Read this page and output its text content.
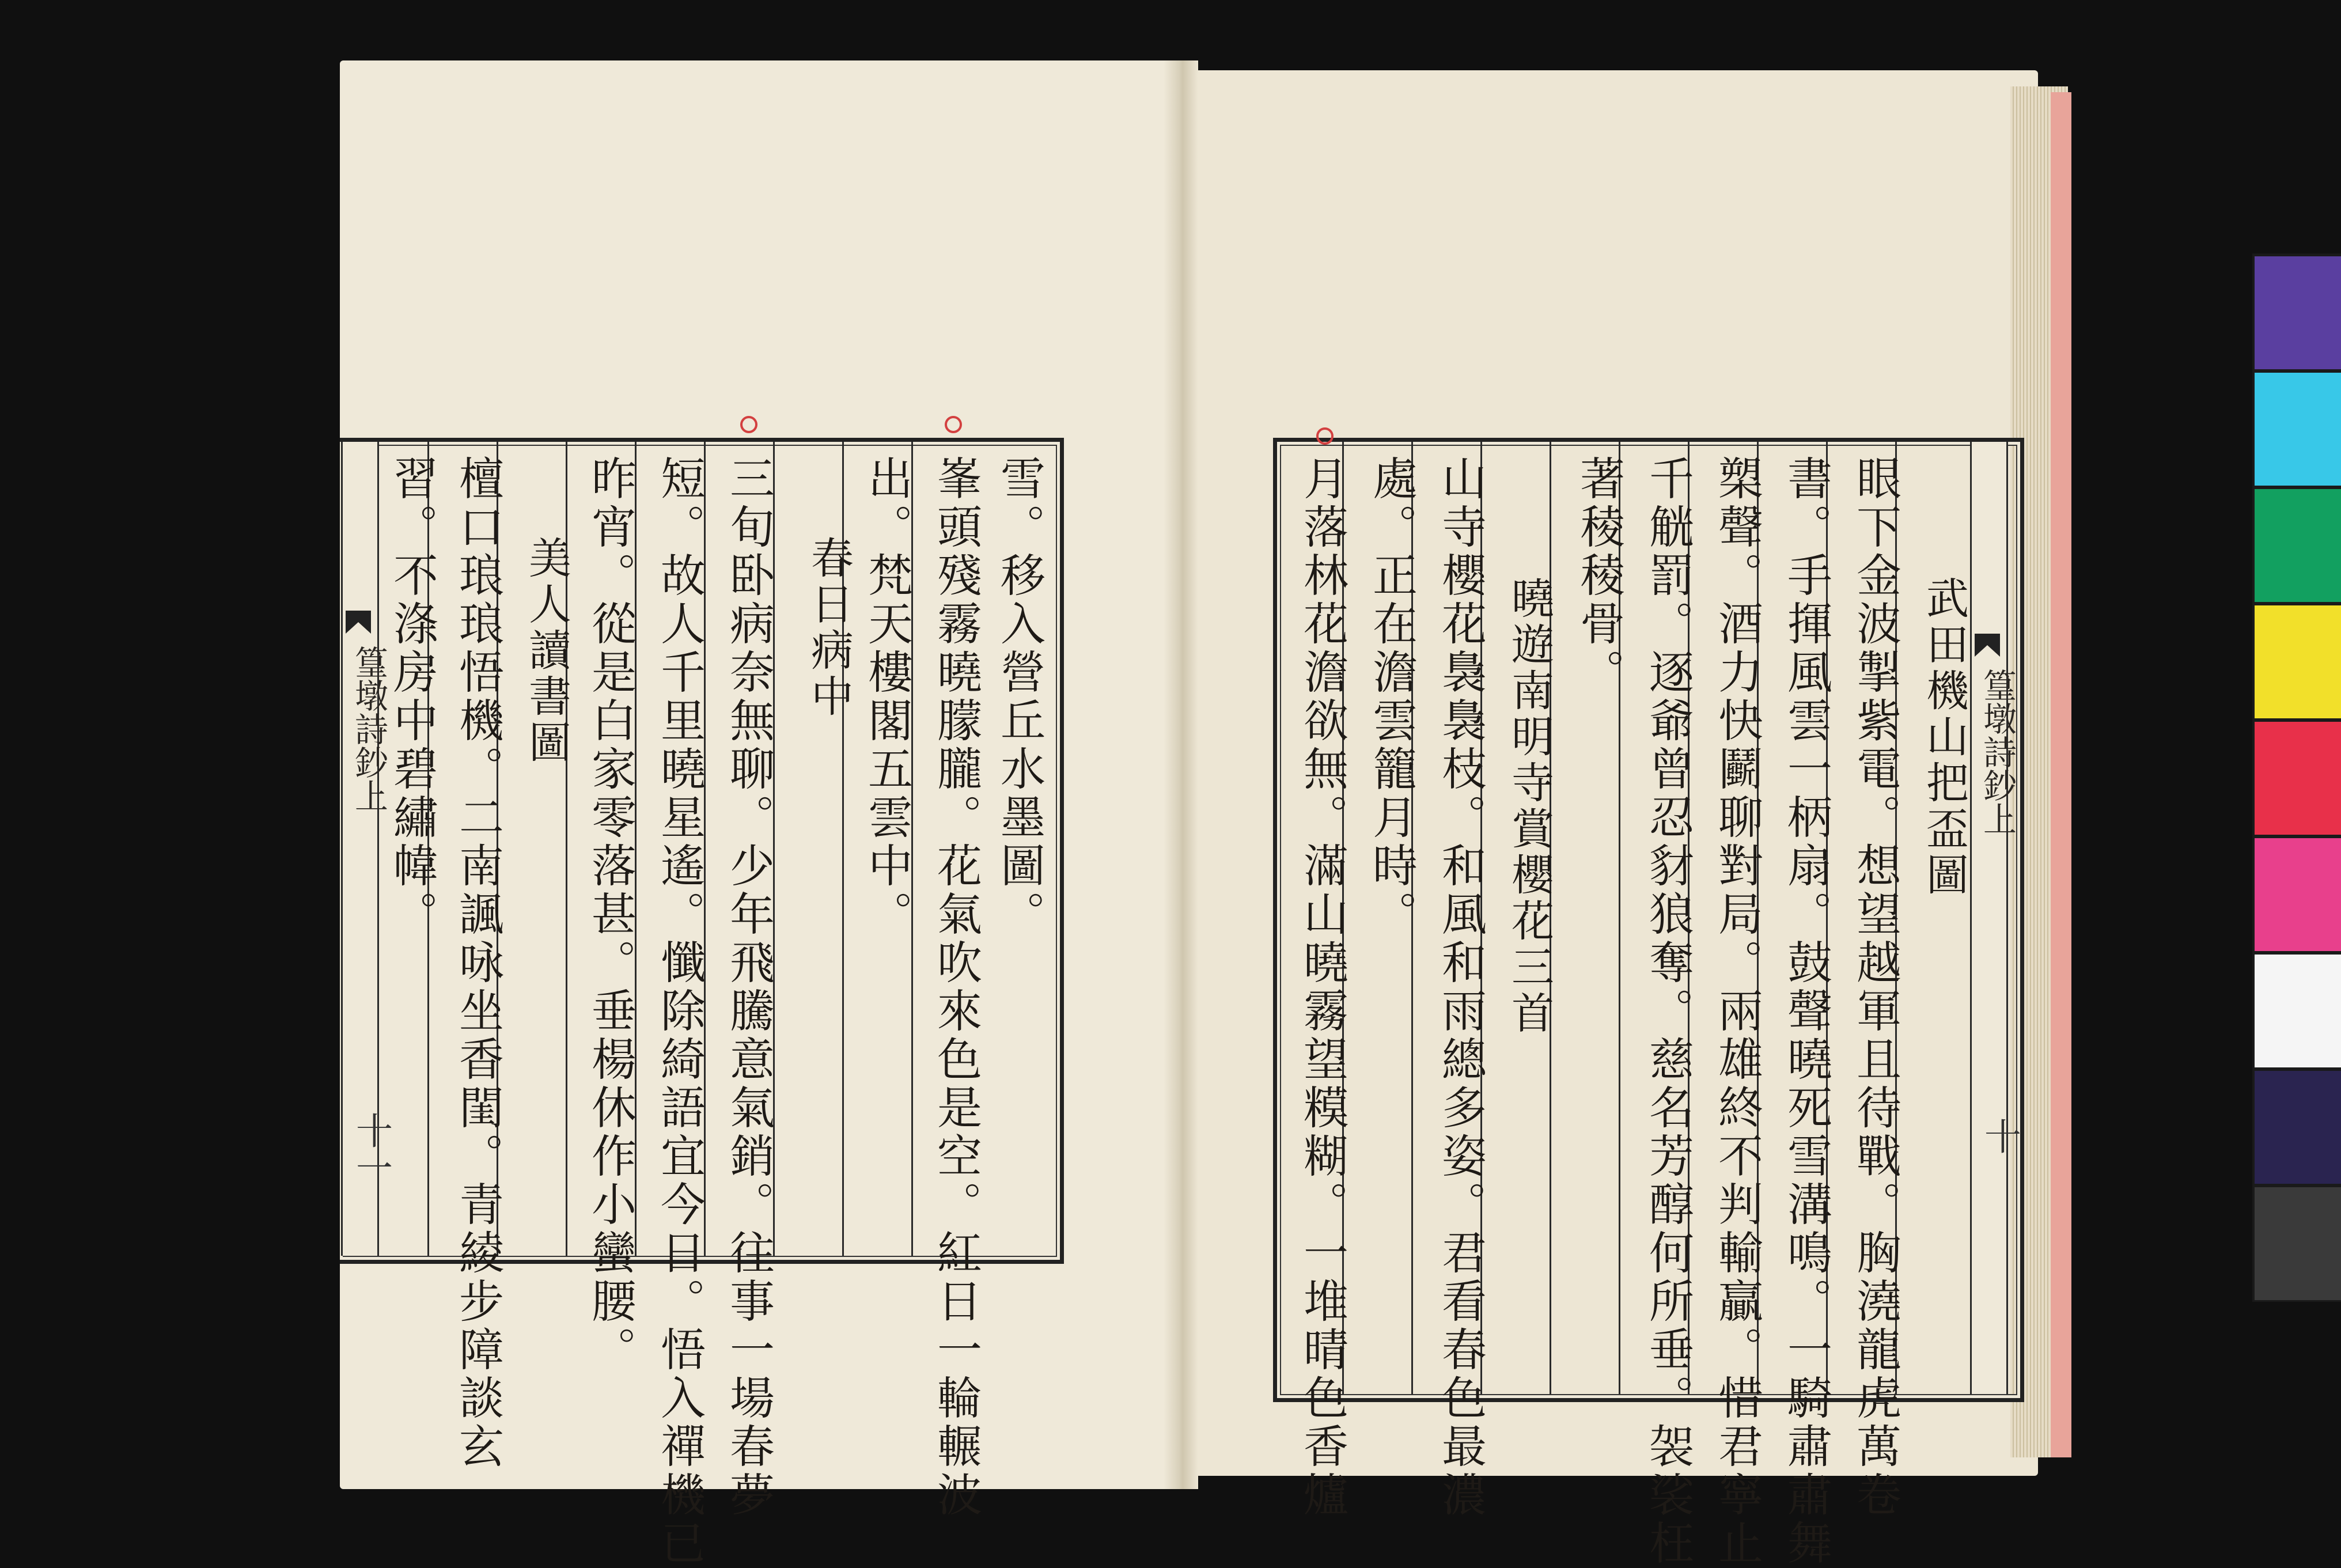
篁墩詩鈔上
十一
雪。移入營丘水墨圖。
峯頭殘霧曉朦朧。花氣吹來色是空。紅日一輪輾波
出。梵天樓閣五雲中。
春日病中
三旬卧病奈無聊。少年飛騰意氣銷。往事一場春夢
短。故人千里曉星遙。懺除綺語宜今日。悟入禪機已
昨宵。從是白家零落甚。垂楊休作小蠻腰。
美人讀書圖
檀口琅琅悟機。二南諷咏坐香閨。青綾步障談玄
習。不涤房中碧繡幃。	篁墩詩鈔上
十
武田機山把盃圖
眼下金波掣紫電。想望越軍且待戰。胸澆龍虎萬卷
書。手揮風雲一柄扇。鼓聲曉死雪溝鳴。一騎肅肅舞
槊聲。酒力快鬬聊對局。兩雄終不判輸贏。惜君寧止
千觥罰。逐爺曾忍豺狼奪。慈名芳醇何所垂。袈裟枉
著稜稜骨。
曉遊南明寺賞櫻花三首
山寺櫻花裊裊枝。和風和雨總多姿。君看春色最濃
處。正在澹雲籠月時。
月落林花澹欲無。滿山曉霧望糢糊。一堆晴色香爐
